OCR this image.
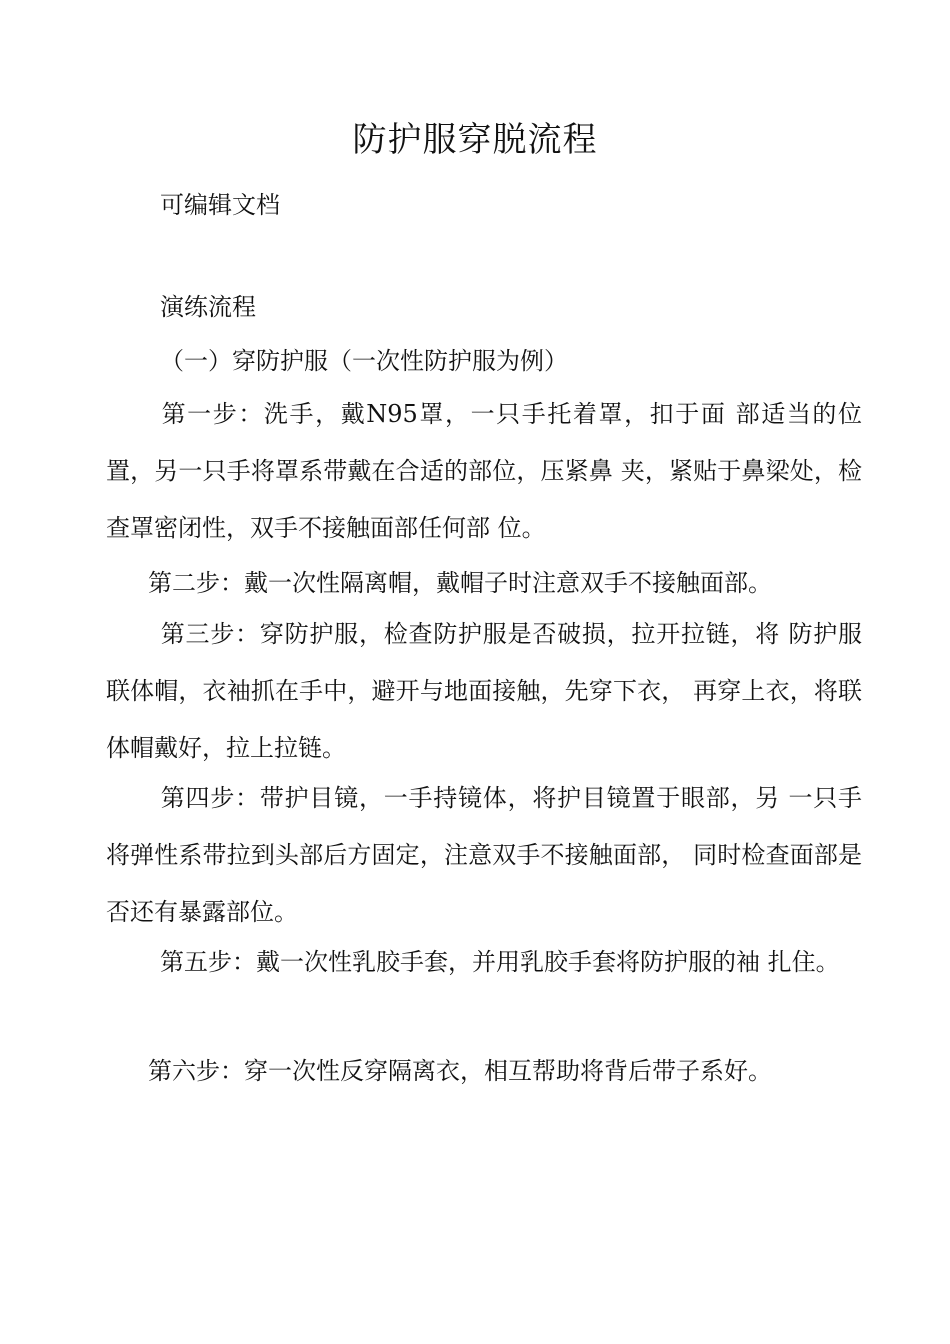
防护服穿脱流程
可编辑文档
演练流程
（一）穿防护服（一次性防护服为例）
第一步：洗手，戴N95罩，一只手托着罩，扣于面 部适当的位置，另一只手将罩系带戴在合适的部位，压紧鼻 夹，紧贴于鼻梁处，检查罩密闭性，双手不接触面部任何部 位。
第二步：戴一次性隔离帽，戴帽子时注意双手不接触面部。
第三步：穿防护服，检查防护服是否破损，拉开拉链，将 防护服联体帽，衣袖抓在手中，避开与地面接触，先穿下衣， 再穿上衣，将联体帽戴好，拉上拉链。
第四步：带护目镜，一手持镜体，将护目镜置于眼部，另 一只手将弹性系带拉到头部后方固定，注意双手不接触面部， 同时检查面部是否还有暴露部位。
第五步：戴一次性乳胶手套，并用乳胶手套将防护服的袖 扎住。
第六步：穿一次性反穿隔离衣，相互帮助将背后带子系好。
